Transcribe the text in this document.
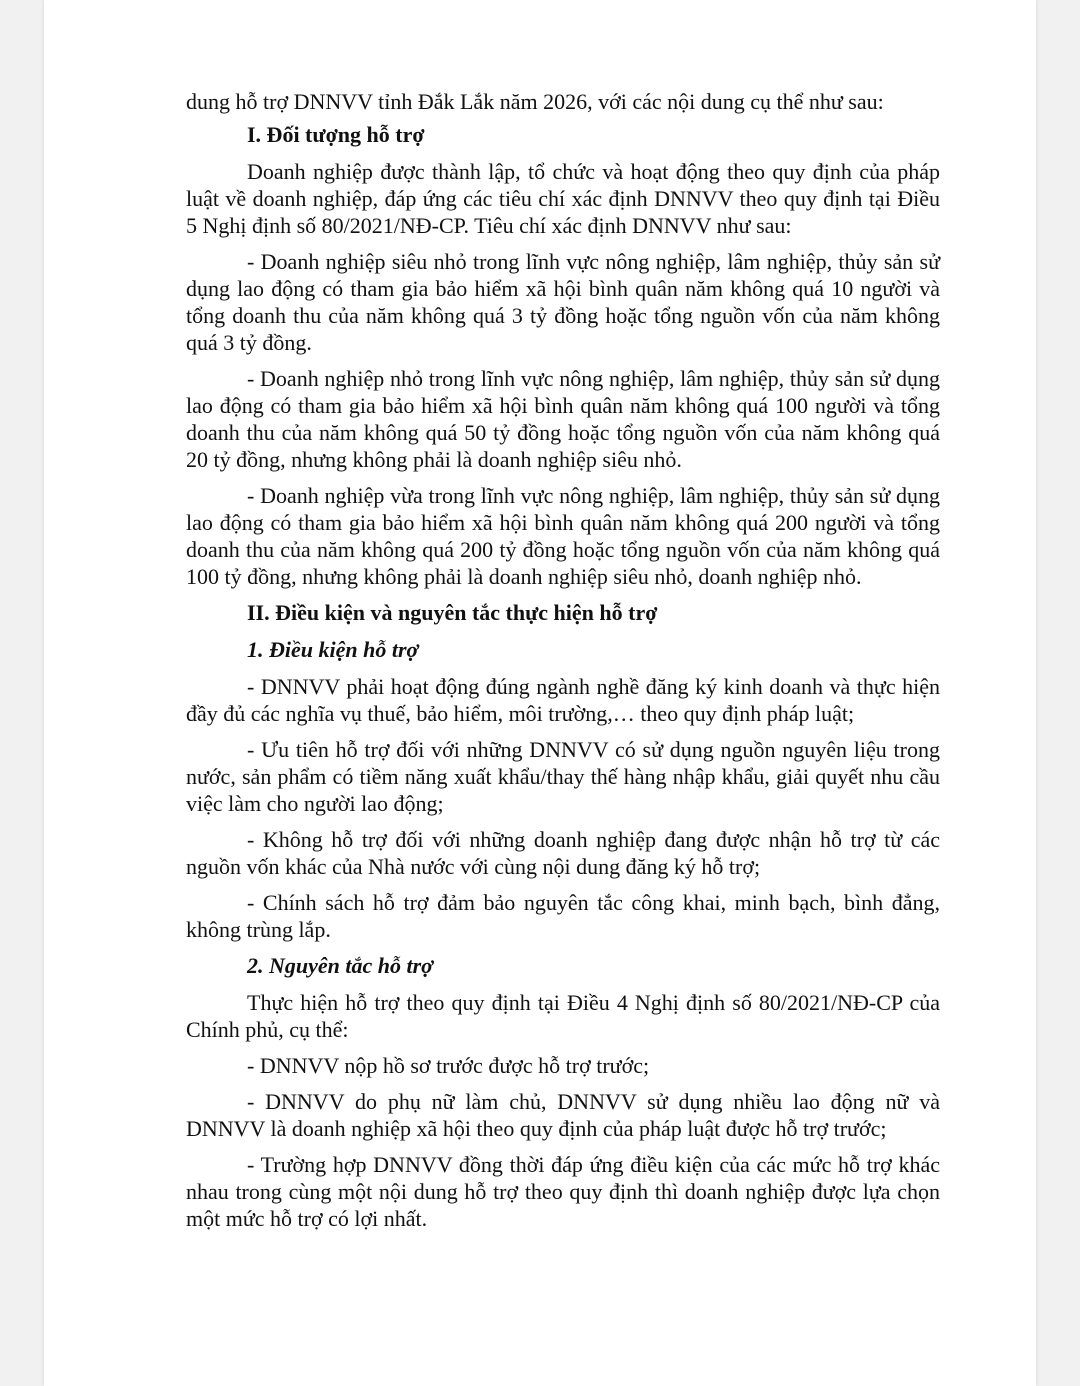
dung hỗ trợ DNNVV tỉnh Đắk Lắk năm 2026, với các nội dung cụ thể như sau:

I. Đối tượng hỗ trợ

Doanh nghiệp được thành lập, tổ chức và hoạt động theo quy định của pháp luật về doanh nghiệp, đáp ứng các tiêu chí xác định DNNVV theo quy định tại Điều 5 Nghị định số 80/2021/NĐ-CP. Tiêu chí xác định DNNVV như sau:

- Doanh nghiệp siêu nhỏ trong lĩnh vực nông nghiệp, lâm nghiệp, thủy sản sử dụng lao động có tham gia bảo hiểm xã hội bình quân năm không quá 10 người và tổng doanh thu của năm không quá 3 tỷ đồng hoặc tổng nguồn vốn của năm không quá 3 tỷ đồng.

- Doanh nghiệp nhỏ trong lĩnh vực nông nghiệp, lâm nghiệp, thủy sản sử dụng lao động có tham gia bảo hiểm xã hội bình quân năm không quá 100 người và tổng doanh thu của năm không quá 50 tỷ đồng hoặc tổng nguồn vốn của năm không quá 20 tỷ đồng, nhưng không phải là doanh nghiệp siêu nhỏ.

- Doanh nghiệp vừa trong lĩnh vực nông nghiệp, lâm nghiệp, thủy sản sử dụng lao động có tham gia bảo hiểm xã hội bình quân năm không quá 200 người và tổng doanh thu của năm không quá 200 tỷ đồng hoặc tổng nguồn vốn của năm không quá 100 tỷ đồng, nhưng không phải là doanh nghiệp siêu nhỏ, doanh nghiệp nhỏ.

II. Điều kiện và nguyên tắc thực hiện hỗ trợ

1. Điều kiện hỗ trợ

- DNNVV phải hoạt động đúng ngành nghề đăng ký kinh doanh và thực hiện đầy đủ các nghĩa vụ thuế, bảo hiểm, môi trường,… theo quy định pháp luật;

- Ưu tiên hỗ trợ đối với những DNNVV có sử dụng nguồn nguyên liệu trong nước, sản phẩm có tiềm năng xuất khẩu/thay thế hàng nhập khẩu, giải quyết nhu cầu việc làm cho người lao động;

- Không hỗ trợ đối với những doanh nghiệp đang được nhận hỗ trợ từ các nguồn vốn khác của Nhà nước với cùng nội dung đăng ký hỗ trợ;

- Chính sách hỗ trợ đảm bảo nguyên tắc công khai, minh bạch, bình đẳng, không trùng lắp.

2. Nguyên tắc hỗ trợ

Thực hiện hỗ trợ theo quy định tại Điều 4 Nghị định số 80/2021/NĐ-CP của Chính phủ, cụ thể:

- DNNVV nộp hồ sơ trước được hỗ trợ trước;

- DNNVV do phụ nữ làm chủ, DNNVV sử dụng nhiều lao động nữ và DNNVV là doanh nghiệp xã hội theo quy định của pháp luật được hỗ trợ trước;

- Trường hợp DNNVV đồng thời đáp ứng điều kiện của các mức hỗ trợ khác nhau trong cùng một nội dung hỗ trợ theo quy định thì doanh nghiệp được lựa chọn một mức hỗ trợ có lợi nhất.
